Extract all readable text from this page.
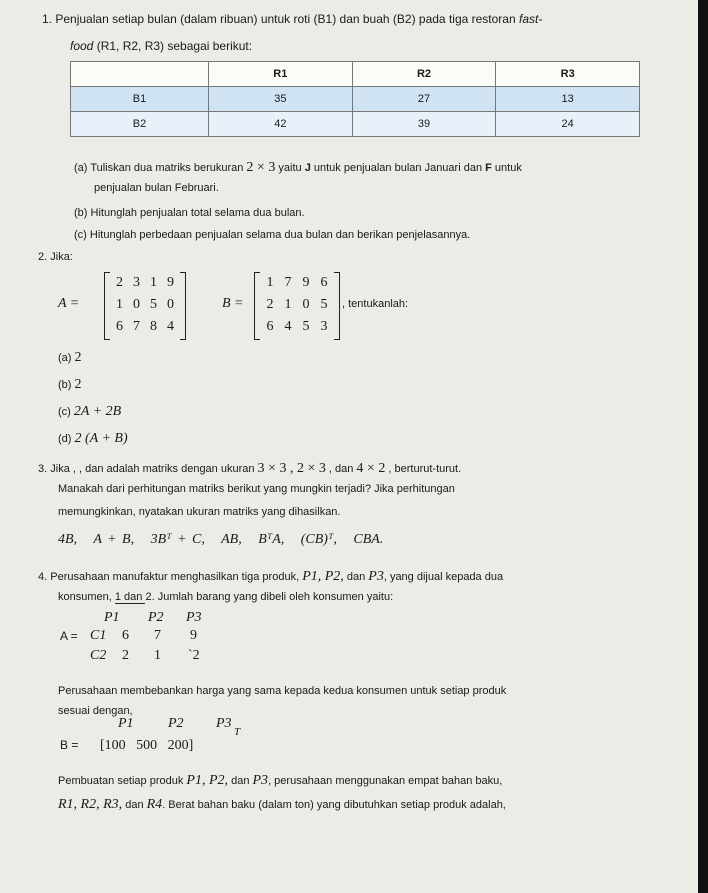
1. Penjualan setiap bulan (dalam ribuan) untuk roti (B1) dan buah (B2) pada tiga restoran fast-
food (R1, R2, R3) sebagai berikut:
	R1	R2	R3
B1	35	27	13
B2	42	39	24
(a) Tuliskan dua matriks berukuran 2 × 3 yaitu J untuk penjualan bulan Januari dan F untuk
penjualan bulan Februari.
(b) Hitunglah penjualan total selama dua bulan.
(c) Hitunglah perbedaan penjualan selama dua bulan dan berikan penjelasannya.
2. Jika:
A =
2 3 1 9
1 0 5 0
6 7 8 4
B =
1 7 9 6
2 1 0 5
6 4 5 3
, tentukanlah:
(a) 2
(b) 2
(c) 2A + 2B
(d) 2 (A + B)
3. Jika , , dan adalah matriks dengan ukuran 3 × 3 , 2 × 3 , dan 4 × 2 , berturut-turut.
Manakah dari perhitungan matriks berikut yang mungkin terjadi? Jika perhitungan
memungkinkan, nyatakan ukuran matriks yang dihasilkan.
4B, A + B, 3Bᵀ + C, AB, BᵀA, (CB)ᵀ, CBA.
4. Perusahaan manufaktur menghasilkan tiga produk, P1, P2, dan P3, yang dijual kepada dua
konsumen, 1 dan 2. Jumlah barang yang dibeli oleh konsumen yaitu:
P1 P2 P3
A = C1 6 7 9
C2 2 1 `2
Perusahaan membebankan harga yang sama kepada kedua konsumen untuk setiap produk
sesuai dengan,
P1 P2 P3
B = [100   500   200]
T
Pembuatan setiap produk P1, P2, dan P3, perusahaan menggunakan empat bahan baku,
R1, R2, R3, dan R4. Berat bahan baku (dalam ton) yang dibutuhkan setiap produk adalah,
